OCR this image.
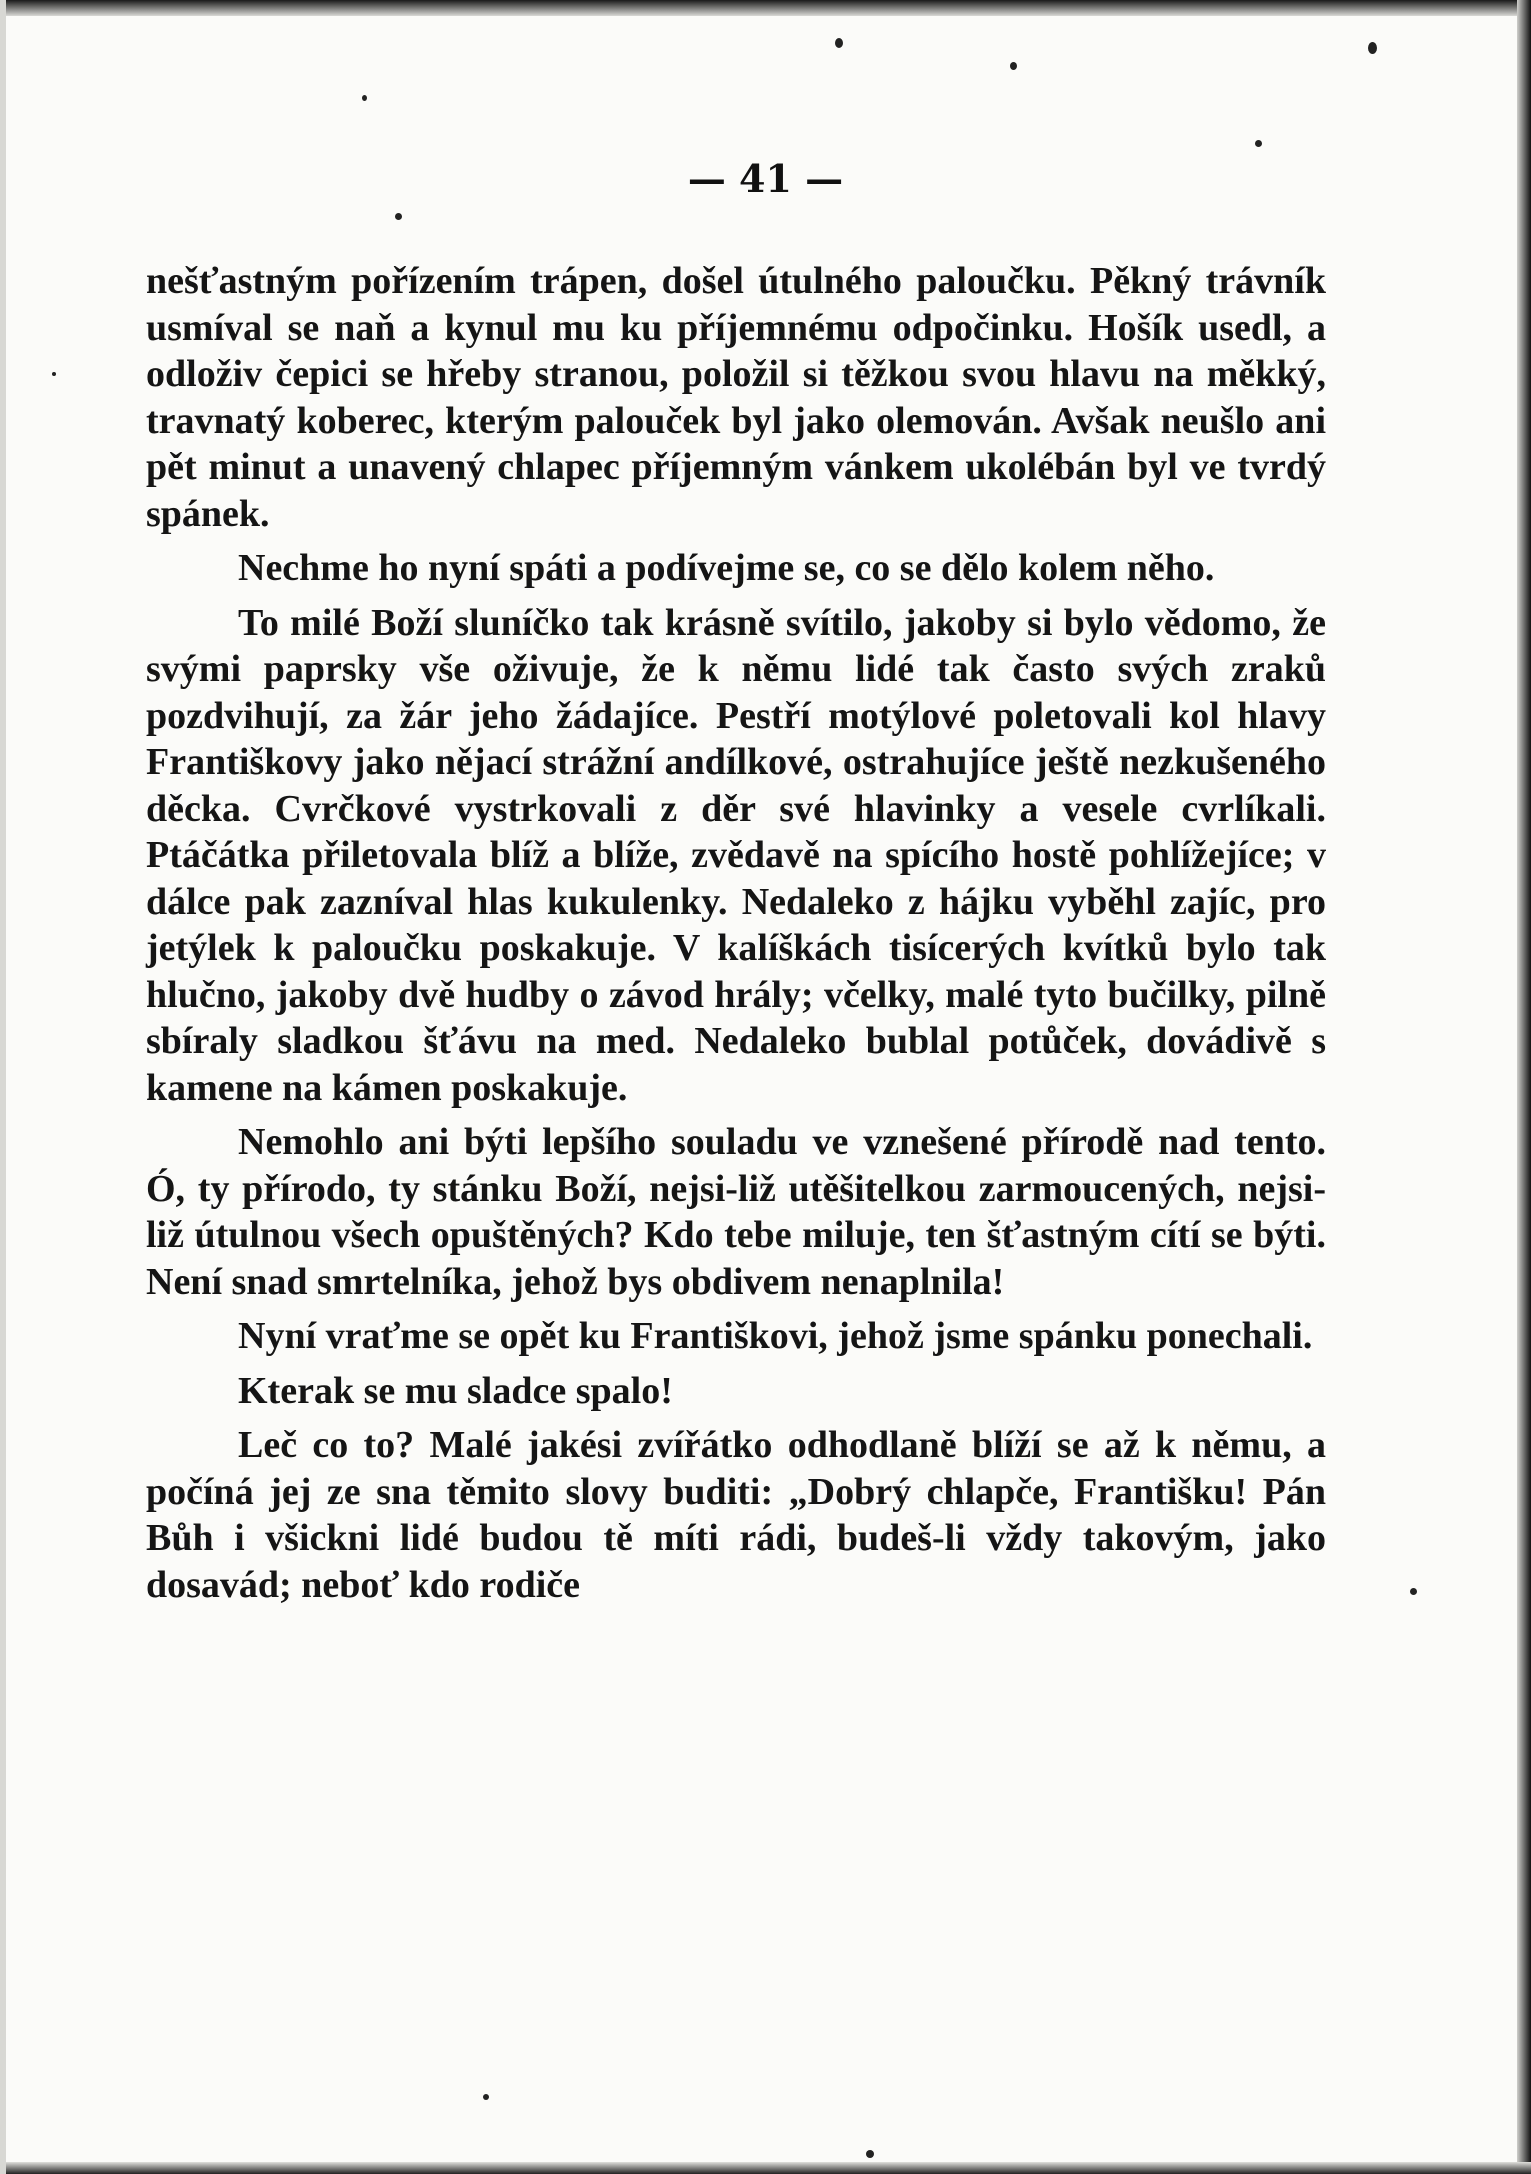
— 41 —

nešťastným pořízením trápen, došel útulného paloučku. Pěkný trávník usmíval se naň a kynul mu ku příjemnému odpočinku. Hošík usedl, a odloživ čepici se hřeby stranou, položil si těžkou svou hlavu na měkký, travnatý koberec, kterým palouček byl jako olemován. Avšak neušlo ani pět minut a unavený chlapec příjemným vánkem ukolébán byl ve tvrdý spánek.

Nechme ho nyní spáti a podívejme se, co se dělo kolem něho.

To milé Boží sluníčko tak krásně svítilo, jakoby si bylo vědomo, že svými paprsky vše oživuje, že k němu lidé tak často svých zraků pozdvihují, za žár jeho žádajíce. Pestří motýlové poletovali kol hlavy Františkovy jako nějací strážní andílkové, ostrahujíce ještě nezkušeného děcka. Cvrčkové vystrkovali z děr své hlavinky a vesele cvrlíkali. Ptáčátka přiletovala blíž a blíže, zvědavě na spícího hostě pohlížejíce; v dálce pak zazníval hlas kukulenky. Nedaleko z hájku vyběhl zajíc, pro jetýlek k paloučku poskakuje. V kalíškách tisícerých kvítků bylo tak hlučno, jakoby dvě hudby o závod hrály; včelky, malé tyto bučilky, pilně sbíraly sladkou šťávu na med. Nedaleko bublal potůček, dovádivě s kamene na kámen poskakuje.

Nemohlo ani býti lepšího souladu ve vznešené přírodě nad tento. Ó, ty přírodo, ty stánku Boží, nejsi-liž utěšitelkou zarmoucených, nejsi-liž útulnou všech opuštěných? Kdo tebe miluje, ten šťastným cítí se býti. Není snad smrtelníka, jehož bys obdivem nenaplnila!

Nyní vraťme se opět ku Františkovi, jehož jsme spánku ponechali.

Kterak se mu sladce spalo!

Leč co to? Malé jakési zvířátko odhodlaně blíží se až k němu, a počíná jej ze sna těmito slovy buditi: „Dobrý chlapče, Františku! Pán Bůh i všickni lidé budou tě míti rádi, budeš-li vždy takovým, jako dosavád; neboť kdo rodiče
